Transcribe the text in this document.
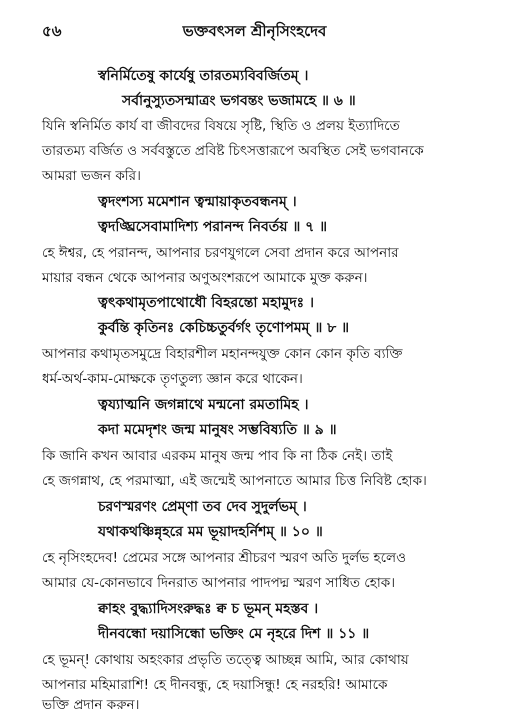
৫৬	ভক্তবৎসল শ্রীনৃসিংহদেব
স্বনির্মিতেষু কার্যেষু তারতম্যবিবর্জিতম্ ।
সর্বানুস্যুতসন্মাত্রং ভগবন্তং ভজামহে ॥ ৬ ॥
যিনি স্বনির্মিত কার্য বা জীবদের বিষয়ে সৃষ্টি, স্থিতি ও প্রলয় ইত্যাদিতে
তারতম্য বর্জিত ও সর্ববস্তুতে প্রবিষ্ট চিৎসত্তারূপে অবস্থিত সেই ভগবানকে
আমরা ভজন করি।
ত্বদংশস্য মমেশান ত্বন্মায়াকৃতবন্ধনম্ ।
ত্বদঙ্ঘ্রিসেবামাদিশ্য পরানন্দ নিবর্তয় ॥ ৭ ॥
হে ঈশ্বর, হে পরানন্দ, আপনার চরণযুগলে সেবা প্রদান করে আপনার
মায়ার বন্ধন থেকে আপনার অণুঅংশরূপে আমাকে মুক্ত করুন।
ত্বৎকথামৃতপাথোধৌ বিহরন্তো মহামুদঃ ।
কুর্বন্তি কৃতিনঃ কেচিচ্চতুর্বর্গং তৃণোপমম্ ॥ ৮ ॥
আপনার কথামৃতসমুদ্রে বিহারশীল মহানন্দযুক্ত কোন কোন কৃতি ব্যক্তি
ধর্ম-অর্থ-কাম-মোক্ষকে তৃণতুল্য জ্ঞান করে থাকেন।
ত্বয্যাত্মনি জগন্নাথে মন্মনো রমতামিহ ।
কদা মমেদৃশং জন্ম মানুষং সম্ভবিষ্যতি ॥ ৯ ॥
কি জানি কখন আবার এরকম মানুষ জন্ম পাব কি না ঠিক নেই। তাই
হে জগন্নাথ, হে পরমাত্মা, এই জন্মেই আপনাতে আমার চিত্ত নিবিষ্ট হোক।
চরণস্মরণং প্রেম্ণা তব দেব সুদুর্লভম্ ।
যথাকথঞ্চিন্নৃহরে মম ভূয়াদহর্নিশম্ ॥ ১০ ॥
হে নৃসিংহদেব! প্রেমের সঙ্গে আপনার শ্রীচরণ স্মরণ অতি দুর্লভ হলেও
আমার যে-কোনভাবে দিনরাত আপনার পাদপদ্ম স্মরণ সাধিত হোক।
ক্বাহং বুদ্ধ্যাদিসংরুদ্ধঃ ক্ব চ ভূমন্ মহস্তব ।
দীনবন্ধো দয়াসিন্ধো ভক্তিং মে নৃহরে দিশ ॥ ১১ ॥
হে ভূমন্! কোথায় অহংকার প্রভৃতি তত্ত্বে আচ্ছন্ন আমি, আর কোথায়
আপনার মহিমারাশি! হে দীনবন্ধু, হে দয়াসিন্ধু! হে নরহরি! আমাকে
ভক্তি প্রদান করুন।
